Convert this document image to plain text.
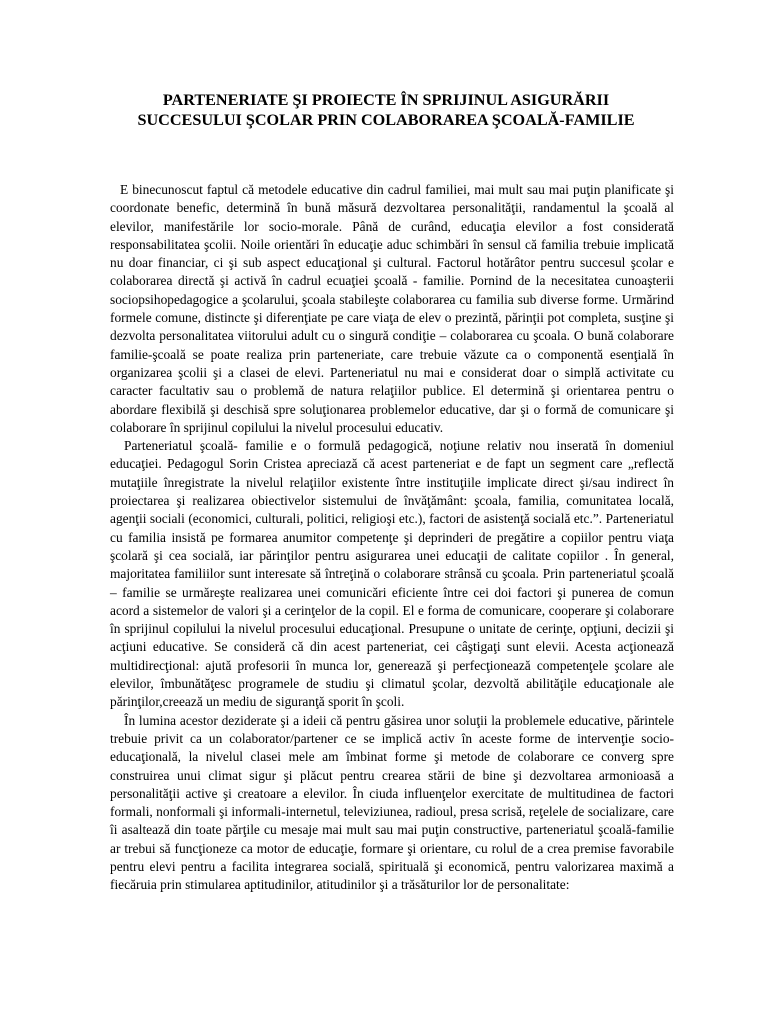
PARTENERIATE ŞI PROIECTE ÎN SPRIJINUL ASIGURĂRII
SUCCESULUI ŞCOLAR PRIN COLABORAREA ŞCOALĂ-FAMILIE

E binecunoscut faptul că metodele educative din cadrul familiei, mai mult sau mai puţin planificate şi coordonate benefic, determină în bună măsură dezvoltarea personalităţii, randamentul la şcoală al elevilor, manifestările lor socio-morale. Până de curând, educaţia elevilor a fost considerată responsabilitatea şcolii. Noile orientări în educaţie aduc schimbări în sensul că familia trebuie implicată nu doar financiar, ci şi sub aspect educaţional şi cultural. Factorul hotărâtor pentru succesul şcolar e colaborarea directă şi activă în cadrul ecuaţiei şcoală - familie. Pornind de la necesitatea cunoaşterii sociopsihopedagogice a şcolarului, şcoala stabileşte colaborarea cu familia sub diverse forme. Urmărind formele comune, distincte şi diferenţiate pe care viaţa de elev o prezintă, părinţii pot completa, susţine şi dezvolta personalitatea viitorului adult cu o singură condiţie – colaborarea cu şcoala. O bună colaborare familie-şcoală se poate realiza prin parteneriate, care trebuie văzute ca o componentă esenţială în organizarea şcolii şi a clasei de elevi. Parteneriatul nu mai e considerat doar o simplă activitate cu caracter facultativ sau o problemă de natura relaţiilor publice. El determină şi orientarea pentru o abordare flexibilă şi deschisă spre soluţionarea problemelor educative, dar şi o formă de comunicare şi colaborare în sprijinul copilului la nivelul procesului educativ.

Parteneriatul şcoală- familie e o formulă pedagogică, noţiune relativ nou inserată în domeniul educaţiei. Pedagogul Sorin Cristea apreciază că acest parteneriat e de fapt un segment care „reflectă mutaţiile înregistrate la nivelul relaţiilor existente între instituţiile implicate direct şi/sau indirect în proiectarea şi realizarea obiectivelor sistemului de învăţământ: şcoala, familia, comunitatea locală, agenţii sociali (economici, culturali, politici, religioşi etc.), factori de asistenţă socială etc.”. Parteneriatul cu familia insistă pe formarea anumitor competenţe şi deprinderi de pregătire a copiilor pentru viaţa şcolară şi cea socială, iar părinţilor pentru asigurarea unei educaţii de calitate copiilor . În general, majoritatea familiilor sunt interesate să întreţină o colaborare strânsă cu şcoala. Prin parteneriatul şcoală – familie se urmăreşte realizarea unei comunicări eficiente între cei doi factori şi punerea de comun acord a sistemelor de valori şi a cerinţelor de la copil. El e forma de comunicare, cooperare şi colaborare în sprijinul copilului la nivelul procesului educaţional. Presupune o unitate de cerinţe, opţiuni, decizii şi acţiuni educative. Se consideră că din acest parteneriat, cei câştigaţi sunt elevii. Acesta acţionează multidirecţional: ajută profesorii în munca lor, generează şi perfecţionează competenţele şcolare ale elevilor, îmbunătăţesc programele de studiu şi climatul şcolar, dezvoltă abilităţile educaţionale ale părinţilor,creează un mediu de siguranţă sporit în şcoli.

În lumina acestor deziderate şi a ideii că pentru găsirea unor soluţii la problemele educative, părintele trebuie privit ca un colaborator/partener ce se implică activ în aceste forme de intervenţie socio-educaţională, la nivelul clasei mele am îmbinat forme şi metode de colaborare ce converg spre construirea unui climat sigur şi plăcut pentru crearea stării de bine şi dezvoltarea armonioasă a personalităţii active şi creatoare a elevilor. În ciuda influenţelor exercitate de multitudinea de factori formali, nonformali şi informali-internetul, televiziunea, radioul, presa scrisă, reţelele de socializare, care îi asaltează din toate părţile cu mesaje mai mult sau mai puţin constructive, parteneriatul şcoală-familie ar trebui să funcţioneze ca motor de educaţie, formare şi orientare, cu rolul de a crea premise favorabile pentru elevi pentru a facilita integrarea socială, spirituală şi economică, pentru valorizarea maximă a fiecăruia prin stimularea aptitudinilor, atitudinilor şi a trăsăturilor lor de personalitate:
